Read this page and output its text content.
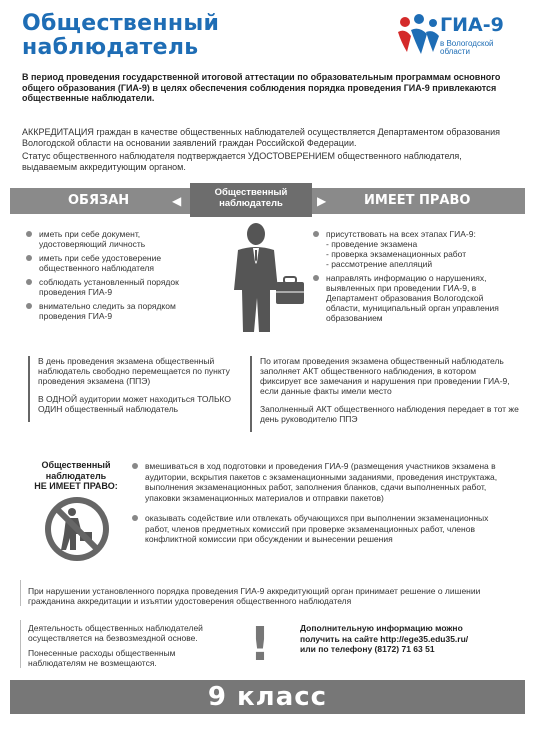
Общественный
наблюдатель
ГИА-9
в Вологодской
области
В период проведения государственной итоговой аттестации по образовательным программам основного общего образования (ГИА-9) в целях обеспечения соблюдения порядка проведения ГИА-9 привлекаются общественные наблюдатели.

АККРЕДИТАЦИЯ граждан в качестве общественных наблюдателей осуществляется Департаментом образования Вологодской области на основании заявлений граждан Российской Федерации.

Статус общественного наблюдателя подтверждается УДОСТОВЕРЕНИЕМ общественного наблюдателя, выдаваемым аккредитующим органом.

ОБЯЗАН	◀
Общественный
наблюдатель	▶	ИМЕЕТ ПРАВО
иметь при себе документ, удостоверяющий личность
иметь при себе удостоверение общественного наблюдателя
соблюдать установленный порядок проведения ГИА-9
внимательно следить за порядком проведения ГИА-9
присутствовать на всех этапах ГИА-9:
- проведение экзамена
- проверка экзаменационных работ
- рассмотрение апелляций
направлять информацию о нарушениях, выявленных при проведении ГИА-9, в Департамент образования Вологодской области, муниципальный орган управления образованием

В день проведения экзамена общественный наблюдатель свободно перемещается по пункту проведения экзамена (ППЭ)

В ОДНОЙ аудитории может находиться ТОЛЬКО ОДИН общественный наблюдатель

По итогам проведения экзамена общественный наблюдатель заполняет АКТ общественного наблюдения, в котором фиксирует все замечания и нарушения при проведении ГИА-9, если данные факты имели место

Заполненный АКТ общественного наблюдения передает в тот же день руководителю ППЭ

Общественный
наблюдатель
НЕ ИМЕЕТ ПРАВО:
вмешиваться в ход подготовки и проведения ГИА-9 (размещения участников экзамена в аудитории, вскрытия пакетов с экзаменационными заданиями, проведения инструктажа, выполнения экзаменационных работ, заполнения бланков, сдачи выполненных работ, упаковки экзаменационных материалов и отправки пакетов)
оказывать содействие или отвлекать обучающихся при выполнении экзаменационных работ, членов предметных комиссий при проверке экзаменационных работ, членов конфликтной комиссии при обсуждении и вынесении решения
При нарушении установленного порядка проведения ГИА-9 аккредитующий орган принимает решение о лишении гражданина аккредитации и изъятии удостоверения общественного наблюдателя

Деятельность общественных наблюдателей осуществляется на безвозмездной основе.

Понесенные расходы общественным наблюдателям не возмещаются.	!	Дополнительную информацию можно
получить на сайте http://ege35.edu35.ru/
или по телефону (8172) 71 63 51
9 класс
